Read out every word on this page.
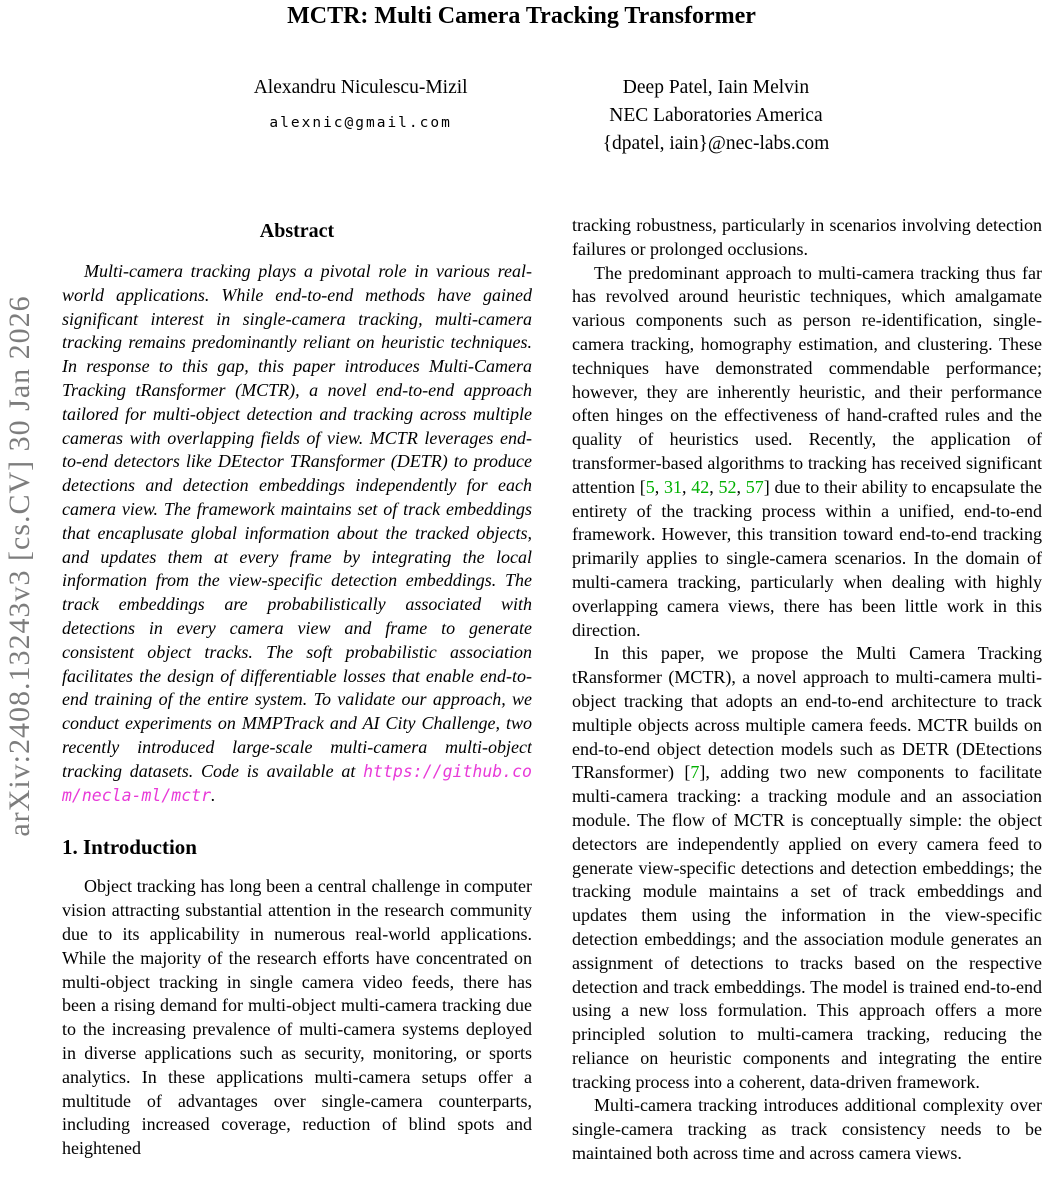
arXiv:2408.13243v3 [cs.CV] 30 Jan 2026
MCTR: Multi Camera Tracking Transformer
Alexandru Niculescu-Mizil
alexnic@gmail.com
Deep Patel, Iain Melvin
NEC Laboratories America
{dpatel, iain}@nec-labs.com
Abstract

Multi-camera tracking plays a pivotal role in various real-world applications. While end-to-end methods have gained significant interest in single-camera tracking, multi-camera tracking remains predominantly reliant on heuristic techniques. In response to this gap, this paper introduces Multi-Camera Tracking tRansformer (MCTR), a novel end-to-end approach tailored for multi-object detection and tracking across multiple cameras with overlapping fields of view. MCTR leverages end-to-end detectors like DEtector TRansformer (DETR) to produce detections and detection embeddings independently for each camera view. The framework maintains set of track embeddings that encaplusate global information about the tracked objects, and updates them at every frame by integrating the local information from the view-specific detection embeddings. The track embeddings are probabilistically associated with detections in every camera view and frame to generate consistent object tracks. The soft probabilistic association facilitates the design of differentiable losses that enable end-to-end training of the entire system. To validate our approach, we conduct experiments on MMPTrack and AI City Challenge, two recently introduced large-scale multi-camera multi-object tracking datasets. Code is available at https://github.com/necla-ml/mctr.

1. Introduction

Object tracking has long been a central challenge in computer vision attracting substantial attention in the research community due to its applicability in numerous real-world applications. While the majority of the research efforts have concentrated on multi-object tracking in single camera video feeds, there has been a rising demand for multi-object multi-camera tracking due to the increasing prevalence of multi-camera systems deployed in diverse applications such as security, monitoring, or sports analytics. In these applications multi-camera setups offer a multitude of advantages over single-camera counterparts, including increased coverage, reduction of blind spots and heightened

tracking robustness, particularly in scenarios involving detection failures or prolonged occlusions.

The predominant approach to multi-camera tracking thus far has revolved around heuristic techniques, which amalgamate various components such as person re-identification, single-camera tracking, homography estimation, and clustering. These techniques have demonstrated commendable performance; however, they are inherently heuristic, and their performance often hinges on the effectiveness of hand-crafted rules and the quality of heuristics used. Recently, the application of transformer-based algorithms to tracking has received significant attention [5, 31, 42, 52, 57] due to their ability to encapsulate the entirety of the tracking process within a unified, end-to-end framework. However, this transition toward end-to-end tracking primarily applies to single-camera scenarios. In the domain of multi-camera tracking, particularly when dealing with highly overlapping camera views, there has been little work in this direction.

In this paper, we propose the Multi Camera Tracking tRansformer (MCTR), a novel approach to multi-camera multi-object tracking that adopts an end-to-end architecture to track multiple objects across multiple camera feeds. MCTR builds on end-to-end object detection models such as DETR (DEtections TRansformer) [7], adding two new components to facilitate multi-camera tracking: a tracking module and an association module. The flow of MCTR is conceptually simple: the object detectors are independently applied on every camera feed to generate view-specific detections and detection embeddings; the tracking module maintains a set of track embeddings and updates them using the information in the view-specific detection embeddings; and the association module generates an assignment of detections to tracks based on the respective detection and track embeddings. The model is trained end-to-end using a new loss formulation. This approach offers a more principled solution to multi-camera tracking, reducing the reliance on heuristic components and integrating the entire tracking process into a coherent, data-driven framework.

Multi-camera tracking introduces additional complexity over single-camera tracking as track consistency needs to be maintained both across time and across camera views.
